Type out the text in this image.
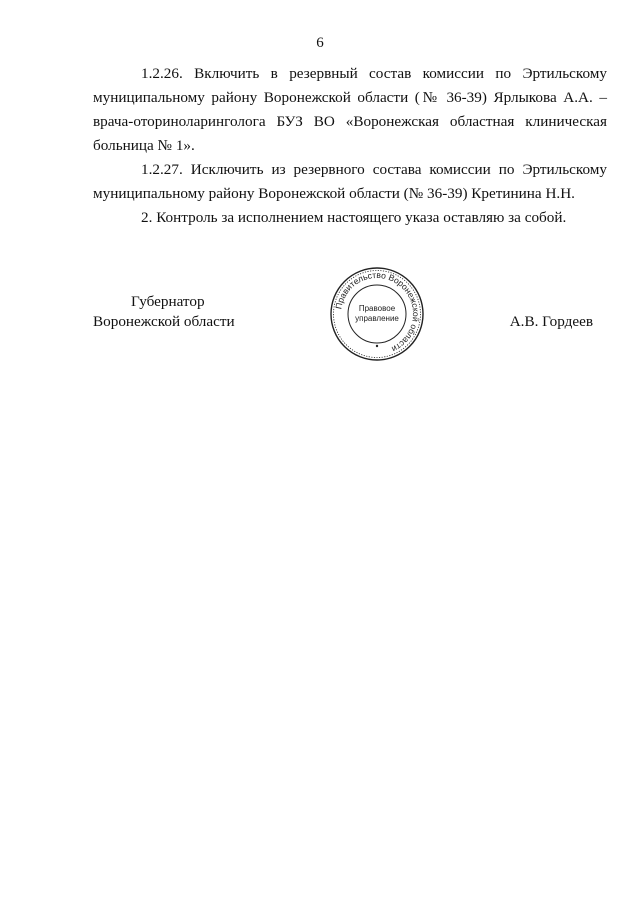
6

1.2.26. Включить в резервный состав комиссии по Эртильскому муниципальному району Воронежской области (№ 36-39) Ярлыкова А.А. – врача-оториноларинголога БУЗ ВО «Воронежская областная клиническая больница № 1».

1.2.27. Исключить из резервного состава комиссии по Эртильскому муниципальному району Воронежской области (№ 36-39) Кретинина Н.Н.

2. Контроль за исполнением настоящего указа оставляю за собой.

Губернатор
Воронежской области	А.В. Гордеев
Правительство Воронежской области
Правовое
управление
